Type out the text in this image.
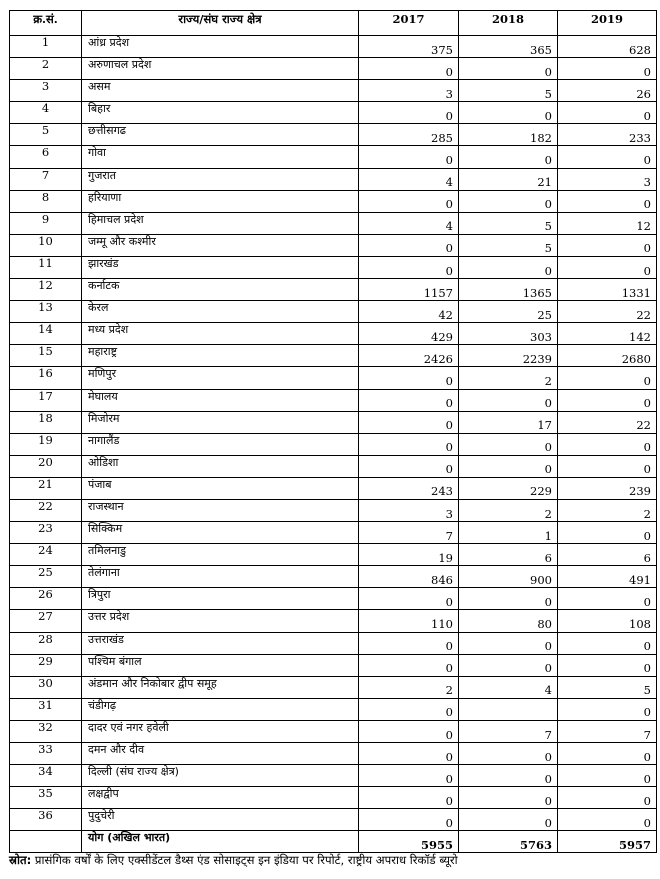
क्र.सं.	राज्य/संघ राज्य क्षेत्र	2017	2018	2019
1	आंध्र प्रदेश	375	365	628
2	अरुणाचल प्रदेश	0	0	0
3	असम	3	5	26
4	बिहार	0	0	0
5	छत्तीसगढ	285	182	233
6	गोवा	0	0	0
7	गुजरात	4	21	3
8	हरियाणा	0	0	0
9	हिमाचल प्रदेश	4	5	12
10	जम्मू और कश्मीर	0	5	0
11	झारखंड	0	0	0
12	कर्नाटक	1157	1365	1331
13	केरल	42	25	22
14	मध्य प्रदेश	429	303	142
15	महाराष्ट्र	2426	2239	2680
16	मणिपुर	0	2	0
17	मेघालय	0	0	0
18	मिजोरम	0	17	22
19	नागालैंड	0	0	0
20	ओडिशा	0	0	0
21	पंजाब	243	229	239
22	राजस्थान	3	2	2
23	सिक्किम	7	1	0
24	तमिलनाडु	19	6	6
25	तेलंगाना	846	900	491
26	त्रिपुरा	0	0	0
27	उत्तर प्रदेश	110	80	108
28	उत्तराखंड	0	0	0
29	पश्चिम बंगाल	0	0	0
30	अंडमान और निकोबार द्वीप समूह	2	4	5
31	चंडीगढ़	0		0
32	दादर एवं नगर हवेली	0	7	7
33	दमन और दीव	0	0	0
34	दिल्ली (संघ राज्य क्षेत्र)	0	0	0
35	लक्षद्वीप	0	0	0
36	पुदुचेरी	0	0	0
	योग (अखिल भारत)	5955	5763	5957
स्रोत: प्रासंगिक वर्षों के लिए एक्सीडेंटल डैथ्स एंड सोसाइट्स इन इंडिया पर रिपोर्ट, राष्ट्रीय अपराध रिकॉर्ड ब्यूरो
